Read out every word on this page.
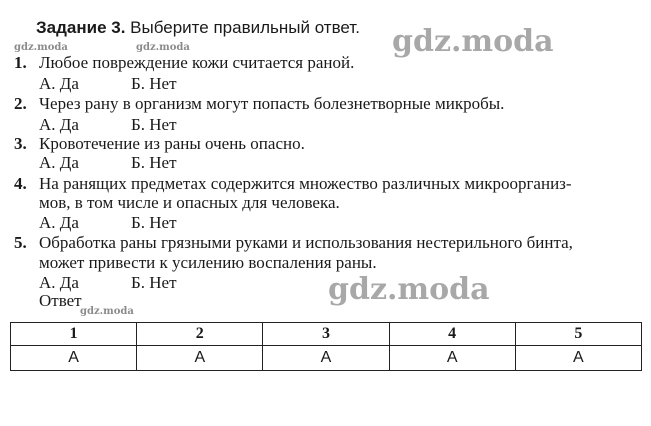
Задание 3. Выберите правильный ответ.
1. Любое повреждение кожи считается раной.
А. Да	Б. Нет
2. Через рану в организм могут попасть болезнетворные микробы.
А. Да	Б. Нет
3. Кровотечение из раны очень опасно.
А. Да	Б. Нет
4. На ранящих предметах содержится множество различных микроорганиз-
мов, в том числе и опасных для человека.
А. Да	Б. Нет
5. Обработка раны грязными руками и использования нестерильного бинта,
может привести к усилению воспаления раны.
А. Да	Б. Нет
Ответ
1	2	3	4	5
А	А	А	А	А
gdz.moda
gdz.moda
gdz.moda	gdz.moda
gdz.moda
